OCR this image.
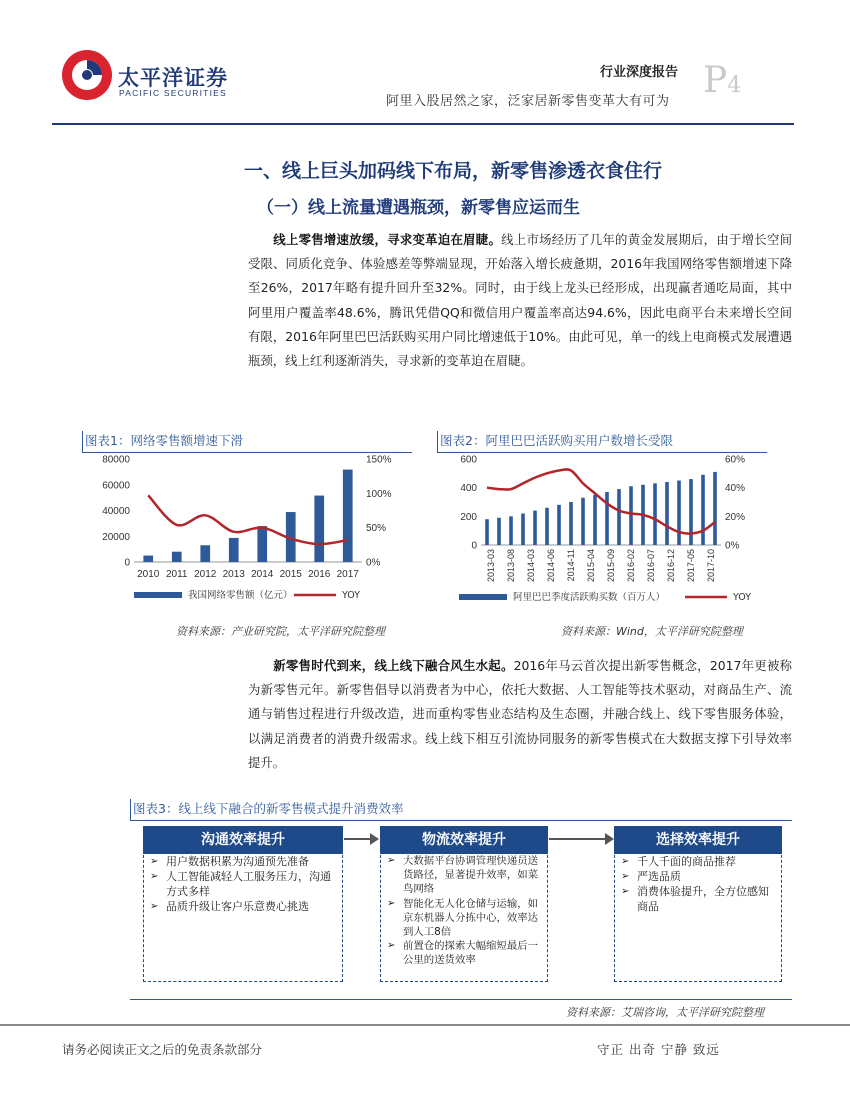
太平洋证券
PACIFIC SECURITIES
行业深度报告
阿里入股居然之家，泛家居新零售变革大有可为
P4
一、线上巨头加码线下布局，新零售渗透衣食住行
（一）线上流量遭遇瓶颈，新零售应运而生
线上零售增速放缓，寻求变革迫在眉睫。线上市场经历了几年的黄金发展期后，由于增长空间受限、同质化竞争、体验感差等弊端显现，开始落入增长疲惫期，2016年我国网络零售额增速下降至26%，2017年略有提升回升至32%。同时，由于线上龙头已经形成，出现赢者通吃局面，其中阿里用户覆盖率48.6%，腾讯凭借QQ和微信用户覆盖率高达94.6%，因此电商平台未来增长空间有限，2016年阿里巴巴活跃购买用户同比增速低于10%。由此可见，单一的线上电商模式发展遭遇瓶颈，线上红利逐渐消失，寻求新的变革迫在眉睫。
图表1：网络零售额增速下滑
0
20000
40000
60000
80000
0%
50%
100%
150%
2010 2011 2012 2013 2014 2015 2016 2017
我国网络零售额（亿元）	YOY
资料来源：产业研究院，太平洋研究院整理
图表2：阿里巴巴活跃购买用户数增长受限
0
200
400
600
0%
20%
40%
60%
2013-03 2013-08 2014-03 2014-06 2014-11 2015-04 2015-09 2016-02 2016-07 2016-12 2017-05 2017-10
阿里巴巴季度活跃购买数（百万人）	YOY
资料来源：Wind，太平洋研究院整理
新零售时代到来，线上线下融合风生水起。2016年马云首次提出新零售概念，2017年更被称为新零售元年。新零售倡导以消费者为中心，依托大数据、人工智能等技术驱动，对商品生产、流通与销售过程进行升级改造，进而重构零售业态结构及生态圈，并融合线上、线下零售服务体验，以满足消费者的消费升级需求。线上线下相互引流协同服务的新零售模式在大数据支撑下引导效率提升。
图表3：线上线下融合的新零售模式提升消费效率
沟通效率提升
➢ 用户数据积累为沟通预先准备
➢ 人工智能减轻人工服务压力，沟通方式多样
➢ 品质升级让客户乐意费心挑选
物流效率提升
➢ 大数据平台协调管理快递员送货路径，显著提升效率，如菜鸟网络
➢ 智能化无人化仓储与运输，如京东机器人分拣中心，效率达到人工8倍
➢ 前置仓的探索大幅缩短最后一公里的送货效率
选择效率提升
➢ 千人千面的商品推荐
➢ 严选品质
➢ 消费体验提升，全方位感知商品
资料来源：艾瑞咨询，太平洋研究院整理
请务必阅读正文之后的免责条款部分	守正 出奇 宁静 致远
